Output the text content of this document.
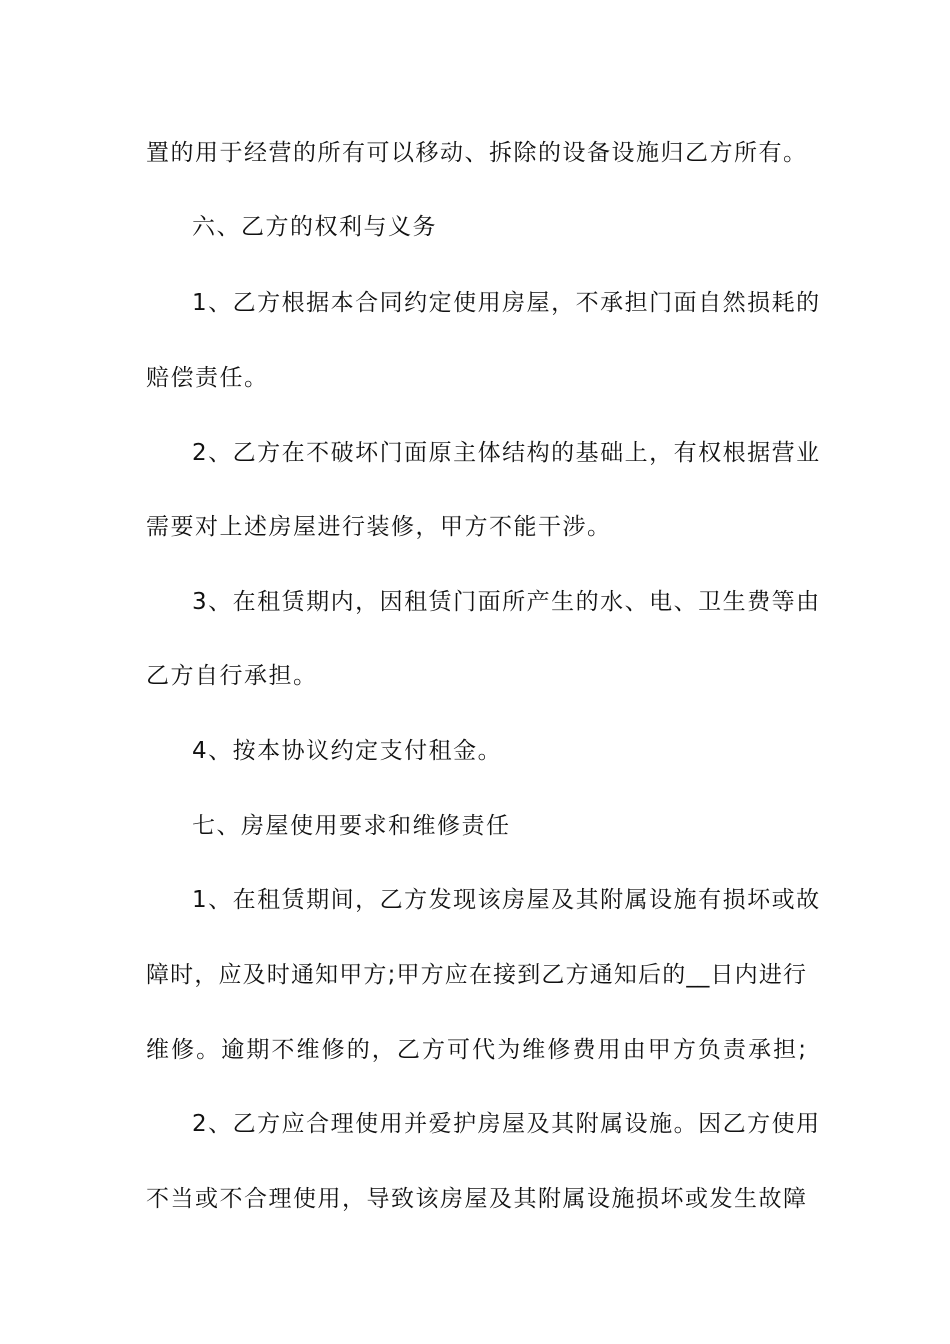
置的用于经营的所有可以移动、拆除的设备设施归乙方所有。
六、乙方的权利与义务
1、乙方根据本合同约定使用房屋，不承担门面自然损耗的
赔偿责任。
2、乙方在不破坏门面原主体结构的基础上，有权根据营业
需要对上述房屋进行装修，甲方不能干涉。
3、在租赁期内，因租赁门面所产生的水、电、卫生费等由
乙方自行承担。
4、按本协议约定支付租金。
七、房屋使用要求和维修责任
1、在租赁期间，乙方发现该房屋及其附属设施有损坏或故
障时，应及时通知甲方;甲方应在接到乙方通知后的__日内进行
维修。逾期不维修的，乙方可代为维修费用由甲方负责承担;
2、乙方应合理使用并爱护房屋及其附属设施。因乙方使用
不当或不合理使用，导致该房屋及其附属设施损坏或发生故障
